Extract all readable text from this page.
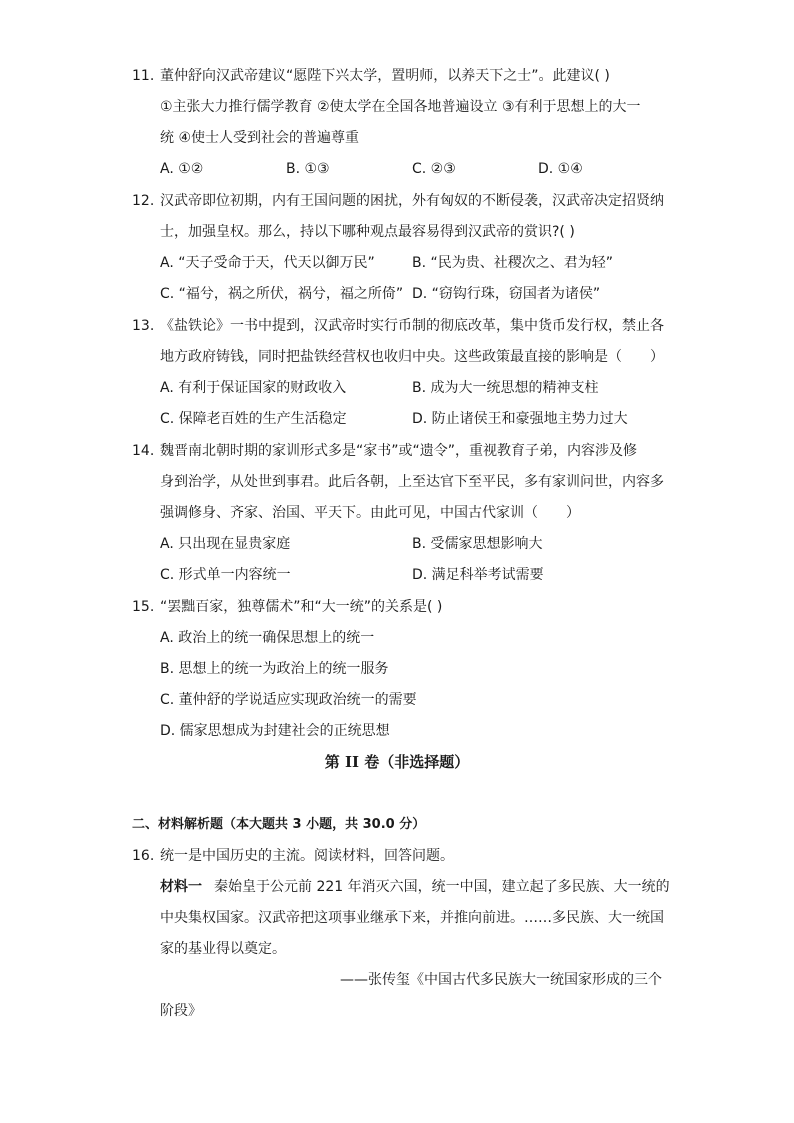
11. 董仲舒向汉武帝建议“愿陛下兴太学，置明师，以养天下之士”。此建议( )
①主张大力推行儒学教育 ②使太学在全国各地普遍设立 ③有利于思想上的大一
统 ④使士人受到社会的普遍尊重
A. ①②	B. ①③	C. ②③	D. ①④
12. 汉武帝即位初期，内有王国问题的困扰，外有匈奴的不断侵袭，汉武帝决定招贤纳
士，加强皇权。那么，持以下哪种观点最容易得到汉武帝的赏识?( )
A. “天子受命于天，代天以御万民”	B. “民为贵、社稷次之、君为轻”
C. “福兮，祸之所伏，祸兮，福之所倚” D. “窃钩行珠，窃国者为诸侯”
13. 《盐铁论》一书中提到，汉武帝时实行币制的彻底改革，集中货币发行权，禁止各
地方政府铸钱，同时把盐铁经营权也收归中央。这些政策最直接的影响是（　　）
A. 有利于保证国家的财政收入	B. 成为大一统思想的精神支柱
C. 保障老百姓的生产生活稳定	D. 防止诸侯王和豪强地主势力过大
14. 魏晋南北朝时期的家训形式多是“家书”或“遗令”，重视教育子弟，内容涉及修
身到治学，从处世到事君。此后各朝，上至达官下至平民，多有家训问世，内容多
强调修身、齐家、治国、平天下。由此可见，中国古代家训（　　）
A. 只出现在显贵家庭	B. 受儒家思想影响大
C. 形式单一内容统一	D. 满足科举考试需要
15. “罢黜百家，独尊儒术”和“大一统”的关系是( )
A. 政治上的统一确保思想上的统一
B. 思想上的统一为政治上的统一服务
C. 董仲舒的学说适应实现政治统一的需要
D. 儒家思想成为封建社会的正统思想
第 II 卷（非选择题）
二、材料解析题（本大题共 3 小题，共 30.0 分）
16. 统一是中国历史的主流。阅读材料，回答问题。
材料一 秦始皇于公元前 221 年消灭六国，统一中国，建立起了多民族、大一统的
中央集权国家。汉武帝把这项事业继承下来，并推向前进。……多民族、大一统国
家的基业得以奠定。
——张传玺《中国古代多民族大一统国家形成的三个
阶段》
